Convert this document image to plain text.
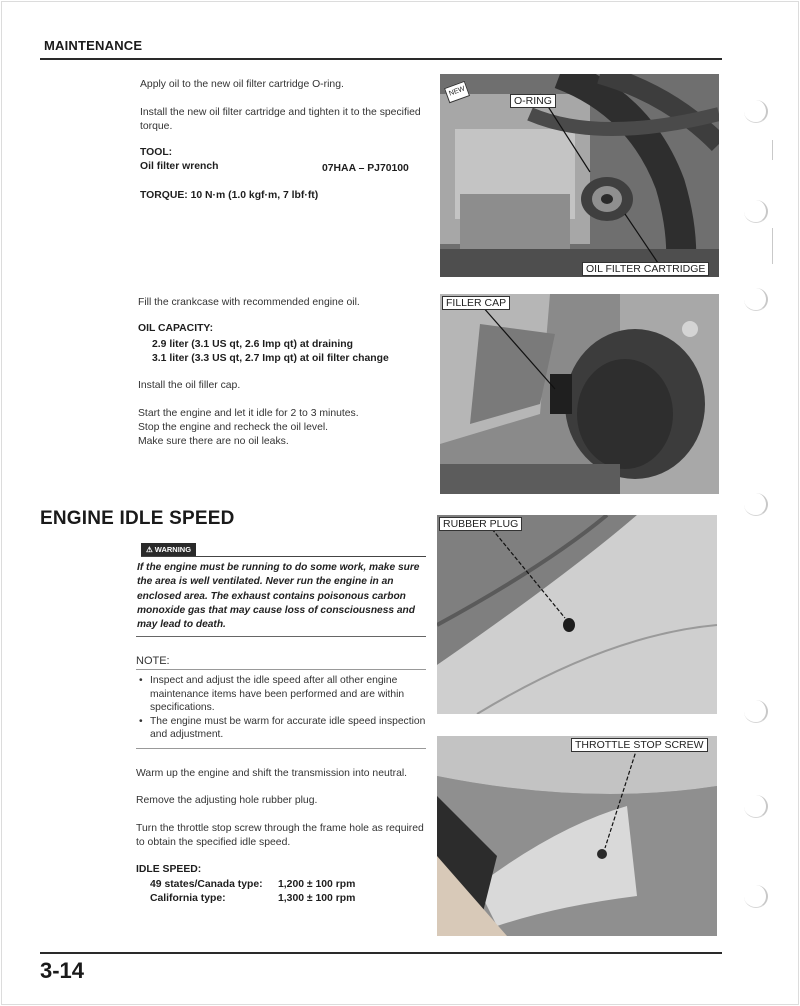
MAINTENANCE
Apply oil to the new oil filter cartridge O-ring.
Install the new oil filter cartridge and tighten it to the specified torque.
TOOL:
Oil filter wrench	07HAA – PJ70100
TORQUE: 10 N·m (1.0 kgf·m, 7 lbf·ft)
Fill the crankcase with recommended engine oil.
OIL CAPACITY:
2.9 liter (3.1 US qt, 2.6 Imp qt) at draining
3.1 liter (3.3 US qt, 2.7 Imp qt) at oil filter change
Install the oil filler cap.
Start the engine and let it idle for 2 to 3 minutes.
Stop the engine and recheck the oil level.
Make sure there are no oil leaks.
ENGINE IDLE SPEED
⚠ WARNING
If the engine must be running to do some work, make sure the area is well ventilated. Never run the engine in an enclosed area. The exhaust contains poisonous carbon monoxide gas that may cause loss of consciousness and may lead to death.
NOTE:
• Inspect and adjust the idle speed after all other engine maintenance items have been performed and are within specifications.
• The engine must be warm for accurate idle speed inspection and adjustment.
Warm up the engine and shift the transmission into neutral.
Remove the adjusting hole rubber plug.
Turn the throttle stop screw through the frame hole as required to obtain the specified idle speed.
IDLE SPEED:
49 states/Canada type: 1,200 ± 100 rpm
California type:	1,300 ± 100 rpm
NEW
O-RING
OIL FILTER CARTRIDGE
FILLER CAP
RUBBER PLUG
THROTTLE STOP SCREW
3-14
